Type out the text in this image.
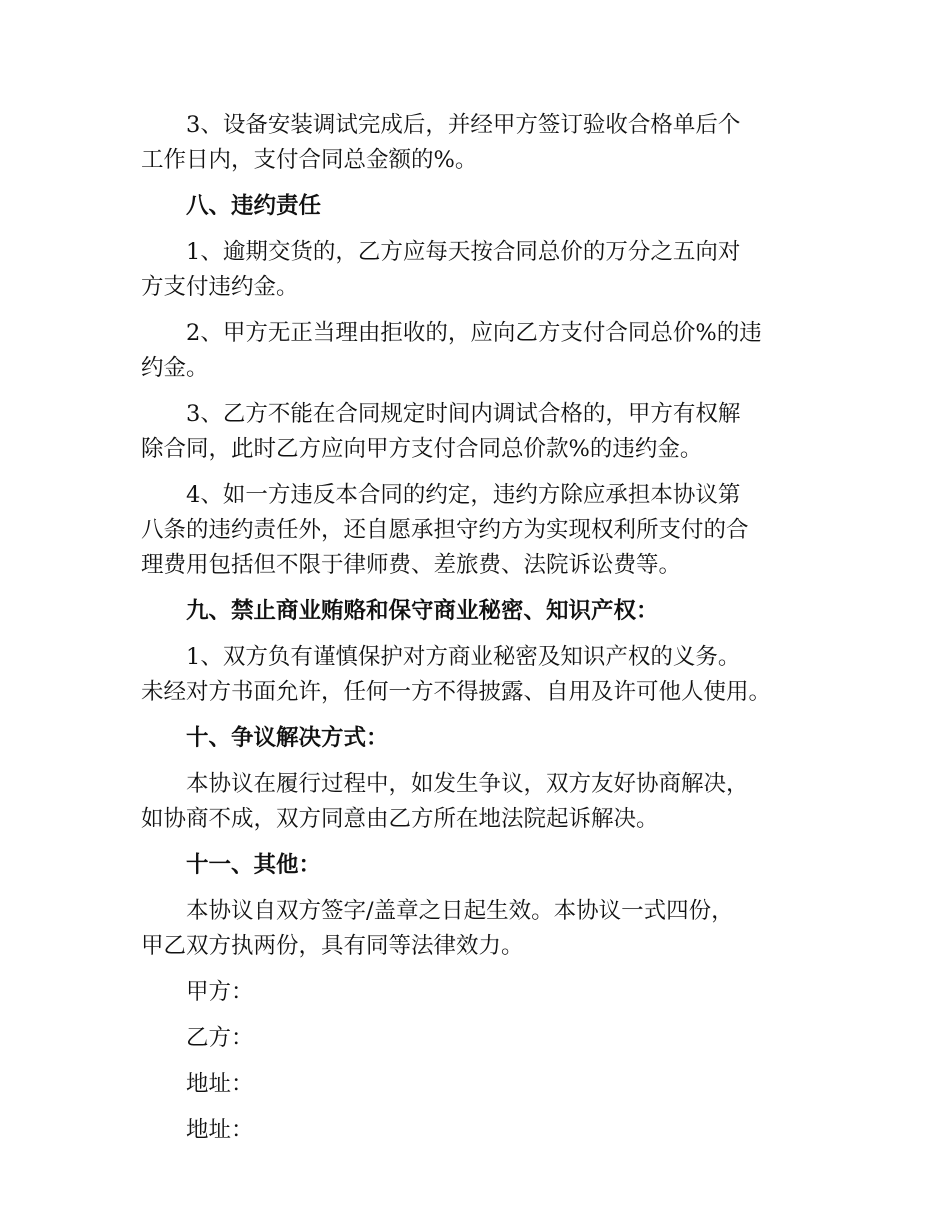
3、设备安装调试完成后，并经甲方签订验收合格单后个
工作日内，支付合同总金额的%。

八、违约责任

1、逾期交货的，乙方应每天按合同总价的万分之五向对
方支付违约金。

2、甲方无正当理由拒收的，应向乙方支付合同总价%的违
约金。

3、乙方不能在合同规定时间内调试合格的，甲方有权解
除合同，此时乙方应向甲方支付合同总价款%的违约金。

4、如一方违反本合同的约定，违约方除应承担本协议第
八条的违约责任外，还自愿承担守约方为实现权利所支付的合
理费用包括但不限于律师费、差旅费、法院诉讼费等。

九、禁止商业贿赂和保守商业秘密、知识产权：

1、双方负有谨慎保护对方商业秘密及知识产权的义务。
未经对方书面允许，任何一方不得披露、自用及许可他人使用。

十、争议解决方式：

本协议在履行过程中，如发生争议，双方友好协商解决，
如协商不成，双方同意由乙方所在地法院起诉解决。

十一、其他：

本协议自双方签字/盖章之日起生效。本协议一式四份，
甲乙双方执两份，具有同等法律效力。

甲方：

乙方：

地址：

地址：
